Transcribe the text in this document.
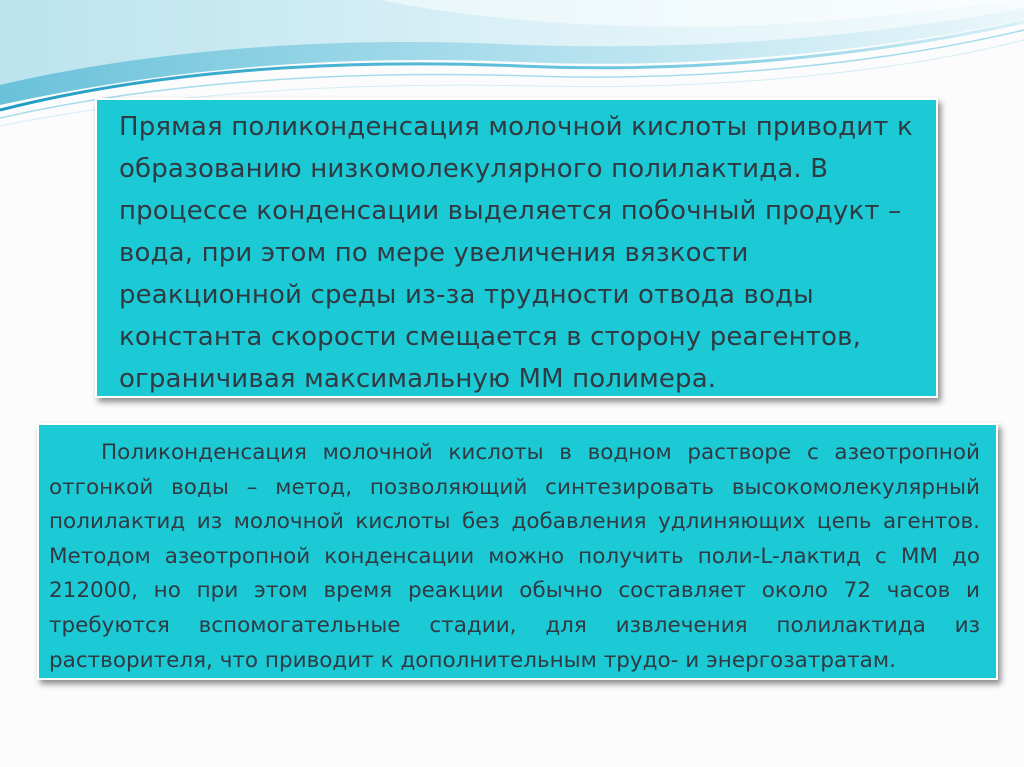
Прямая поликонденсация молочной кислоты приводит к образованию низкомолекулярного полилактида. В процессе конденсации выделяется побочный продукт – вода, при этом по мере увеличения вязкости реакционной среды из-за трудности отвода воды константа скорости смещается в сторону реагентов, ограничивая максимальную ММ полимера.

Поликонденсация молочной кислоты в водном растворе с азеотропной отгонкой воды – метод, позволяющий синтезировать высокомолекулярный полилактид из молочной кислоты без добавления удлиняющих цепь агентов. Методом азеотропной конденсации можно получить поли-L-лактид с ММ до 212000, но при этом время реакции обычно составляет около 72 часов и требуются вспомогательные стадии, для извлечения полилактида из растворителя, что приводит к дополнительным трудо- и энергозатратам.
